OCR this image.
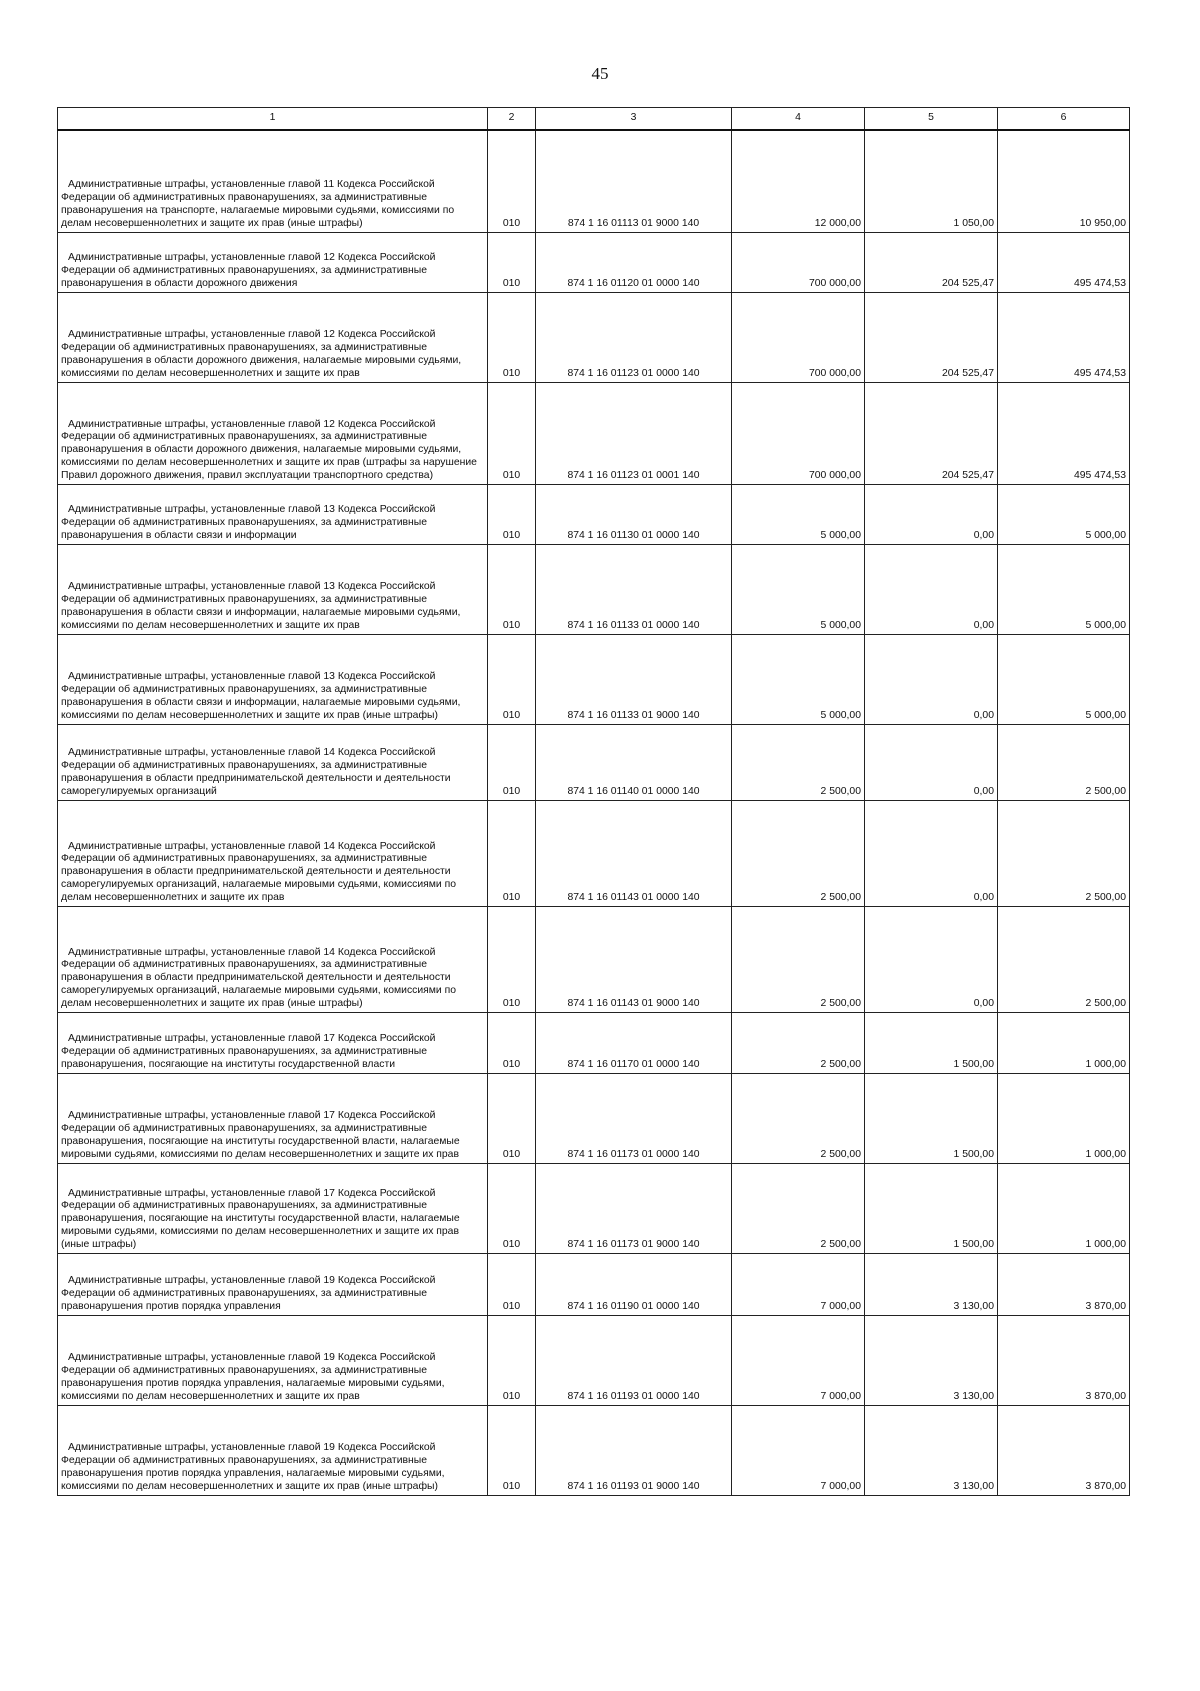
45
1	2	3	4	5	6

Административные штрафы, установленные главой 11 Кодекса Российской Федерации об административных правонарушениях, за административные правонарушения на транспорте, налагаемые мировыми судьями, комиссиями по делам несовершеннолетних и защите их прав (иные штрафы)	010	874 1 16 01113 01 9000 140	12 000,00	1 050,00	10 950,00

Административные штрафы, установленные главой 12 Кодекса Российской Федерации об административных правонарушениях, за административные правонарушения в области дорожного движения	010	874 1 16 01120 01 0000 140	700 000,00	204 525,47	495 474,53

Административные штрафы, установленные главой 12 Кодекса Российской Федерации об административных правонарушениях, за административные правонарушения в области дорожного движения, налагаемые мировыми судьями, комиссиями по делам несовершеннолетних и защите их прав	010	874 1 16 01123 01 0000 140	700 000,00	204 525,47	495 474,53

Административные штрафы, установленные главой 12 Кодекса Российской Федерации об административных правонарушениях, за административные правонарушения в области дорожного движения, налагаемые мировыми судьями, комиссиями по делам несовершеннолетних и защите их прав (штрафы за нарушение Правил дорожного движения, правил эксплуатации транспортного средства)	010	874 1 16 01123 01 0001 140	700 000,00	204 525,47	495 474,53

Административные штрафы, установленные главой 13 Кодекса Российской Федерации об административных правонарушениях, за административные правонарушения в области связи и информации	010	874 1 16 01130 01 0000 140	5 000,00	0,00	5 000,00

Административные штрафы, установленные главой 13 Кодекса Российской Федерации об административных правонарушениях, за административные правонарушения в области связи и информации, налагаемые мировыми судьями, комиссиями по делам несовершеннолетних и защите их прав	010	874 1 16 01133 01 0000 140	5 000,00	0,00	5 000,00

Административные штрафы, установленные главой 13 Кодекса Российской Федерации об административных правонарушениях, за административные правонарушения в области связи и информации, налагаемые мировыми судьями, комиссиями по делам несовершеннолетних и защите их прав (иные штрафы)	010	874 1 16 01133 01 9000 140	5 000,00	0,00	5 000,00

Административные штрафы, установленные главой 14 Кодекса Российской Федерации об административных правонарушениях, за административные правонарушения в области предпринимательской деятельности и деятельности саморегулируемых организаций	010	874 1 16 01140 01 0000 140	2 500,00	0,00	2 500,00

Административные штрафы, установленные главой 14 Кодекса Российской Федерации об административных правонарушениях, за административные правонарушения в области предпринимательской деятельности и деятельности саморегулируемых организаций, налагаемые мировыми судьями, комиссиями по делам несовершеннолетних и защите их прав	010	874 1 16 01143 01 0000 140	2 500,00	0,00	2 500,00

Административные штрафы, установленные главой 14 Кодекса Российской Федерации об административных правонарушениях, за административные правонарушения в области предпринимательской деятельности и деятельности саморегулируемых организаций, налагаемые мировыми судьями, комиссиями по делам несовершеннолетних и защите их прав (иные штрафы)	010	874 1 16 01143 01 9000 140	2 500,00	0,00	2 500,00

Административные штрафы, установленные главой 17 Кодекса Российской Федерации об административных правонарушениях, за административные правонарушения, посягающие на институты государственной власти	010	874 1 16 01170 01 0000 140	2 500,00	1 500,00	1 000,00

Административные штрафы, установленные главой 17 Кодекса Российской Федерации об административных правонарушениях, за административные правонарушения, посягающие на институты государственной власти, налагаемые мировыми судьями, комиссиями по делам несовершеннолетних и защите их прав	010	874 1 16 01173 01 0000 140	2 500,00	1 500,00	1 000,00

Административные штрафы, установленные главой 17 Кодекса Российской Федерации об административных правонарушениях, за административные правонарушения, посягающие на институты государственной власти, налагаемые мировыми судьями, комиссиями по делам несовершеннолетних и защите их прав (иные штрафы)	010	874 1 16 01173 01 9000 140	2 500,00	1 500,00	1 000,00

Административные штрафы, установленные главой 19 Кодекса Российской Федерации об административных правонарушениях, за административные правонарушения против порядка управления	010	874 1 16 01190 01 0000 140	7 000,00	3 130,00	3 870,00

Административные штрафы, установленные главой 19 Кодекса Российской Федерации об административных правонарушениях, за административные правонарушения против порядка управления, налагаемые мировыми судьями, комиссиями по делам несовершеннолетних и защите их прав	010	874 1 16 01193 01 0000 140	7 000,00	3 130,00	3 870,00

Административные штрафы, установленные главой 19 Кодекса Российской Федерации об административных правонарушениях, за административные правонарушения против порядка управления, налагаемые мировыми судьями, комиссиями по делам несовершеннолетних и защите их прав (иные штрафы)	010	874 1 16 01193 01 9000 140	7 000,00	3 130,00	3 870,00
